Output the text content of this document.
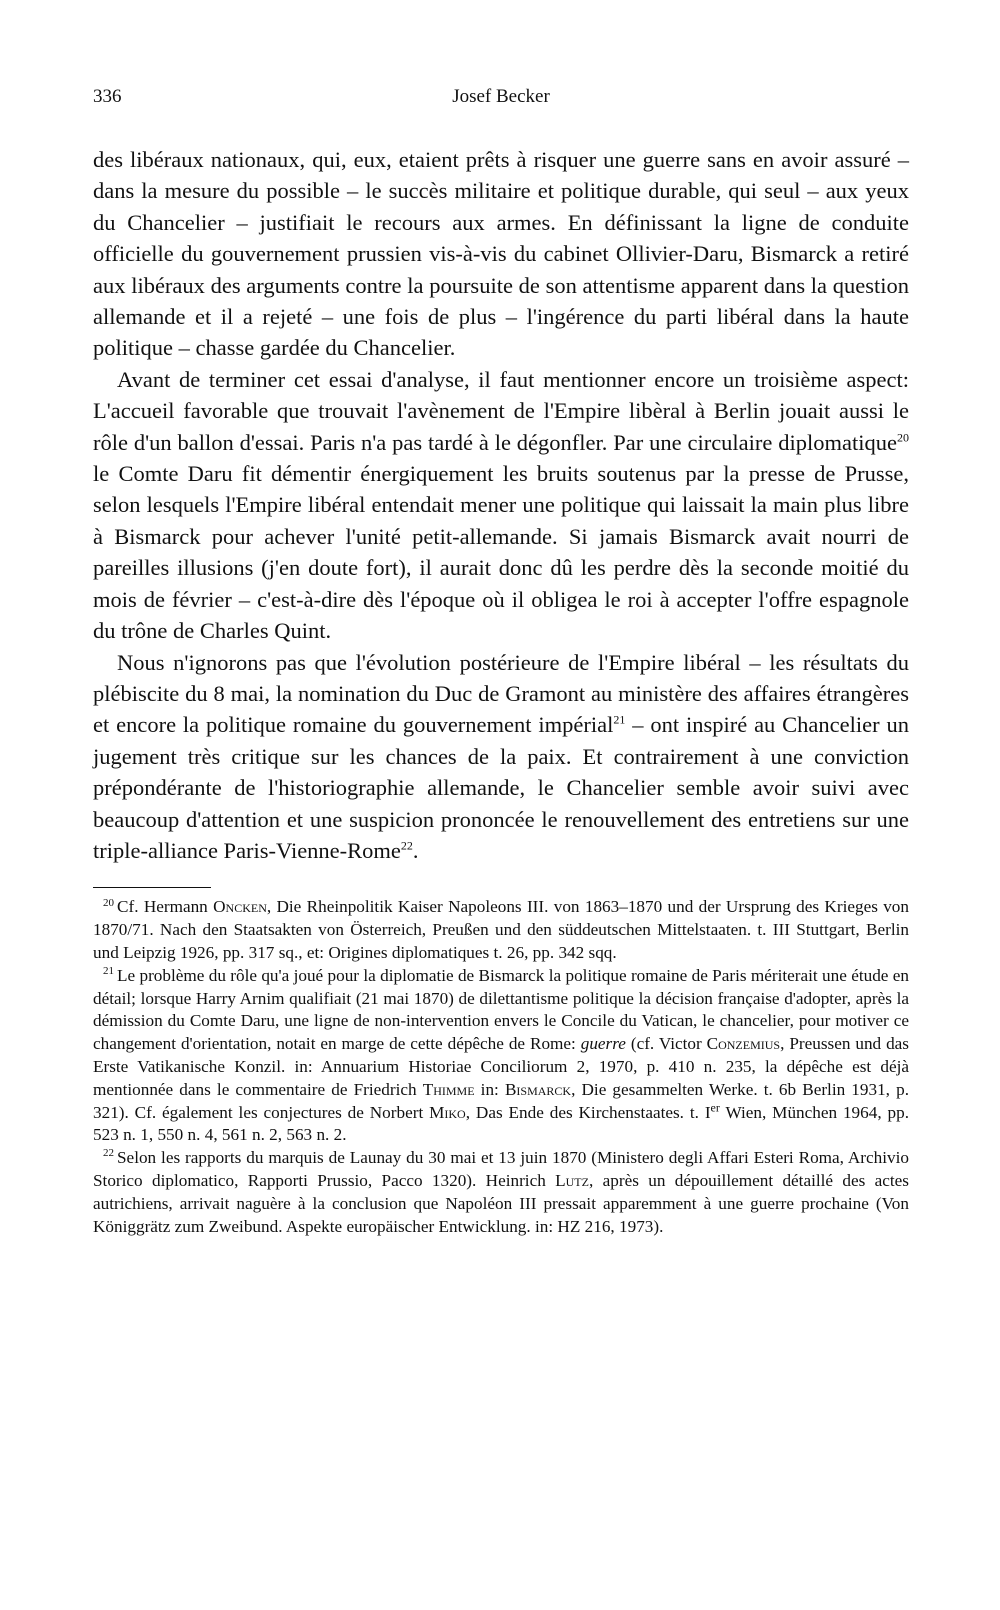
336	Josef Becker

des libéraux nationaux, qui, eux, etaient prêts à risquer une guerre sans en avoir assuré – dans la mesure du possible – le succès militaire et politique durable, qui seul – aux yeux du Chancelier – justifiait le recours aux armes. En définissant la ligne de conduite officielle du gouvernement prussien vis-à-vis du cabinet Ollivier-Daru, Bismarck a retiré aux libéraux des arguments contre la poursuite de son attentisme apparent dans la question allemande et il a rejeté – une fois de plus – l'ingérence du parti libéral dans la haute politique – chasse gardée du Chancelier.

Avant de terminer cet essai d'analyse, il faut mentionner encore un troisième aspect: L'accueil favorable que trouvait l'avènement de l'Empire libèral à Berlin jouait aussi le rôle d'un ballon d'essai. Paris n'a pas tardé à le dégonfler. Par une circulaire diplomatique$^{20}$ le Comte Daru fit démentir énergiquement les bruits soutenus par la presse de Prusse, selon lesquels l'Empire libéral entendait mener une politique qui laissait la main plus libre à Bismarck pour achever l'unité petit-allemande. Si jamais Bismarck avait nourri de pareilles illusions (j'en doute fort), il aurait donc dû les perdre dès la seconde moitié du mois de février – c'est-à-dire dès l'époque où il obligea le roi à accepter l'offre espagnole du trône de Charles Quint.

Nous n'ignorons pas que l'évolution postérieure de l'Empire libéral – les résultats du plébiscite du 8 mai, la nomination du Duc de Gramont au ministère des affaires étrangères et encore la politique romaine du gouvernement impérial$^{21}$ – ont inspiré au Chancelier un jugement très critique sur les chances de la paix. Et contrairement à une conviction prépondérante de l'historiographie allemande, le Chancelier semble avoir suivi avec beaucoup d'attention et une suspicion prononcée le renouvellement des entretiens sur une triple-alliance Paris-Vienne-Rome$^{22}$.

$^{20}$ Cf. Hermann Oncken, Die Rheinpolitik Kaiser Napoleons III. von 1863–1870 und der Ursprung des Krieges von 1870/71. Nach den Staatsakten von Österreich, Preußen und den süddeutschen Mittelstaaten. t. III Stuttgart, Berlin und Leipzig 1926, pp. 317 sq., et: Origines diplomatiques t. 26, pp. 342 sqq.

$^{21}$ Le problème du rôle qu'a joué pour la diplomatie de Bismarck la politique romaine de Paris mériterait une étude en détail; lorsque Harry Arnim qualifiait (21 mai 1870) de dilettantisme politique la décision française d'adopter, après la démission du Comte Daru, une ligne de non-intervention envers le Concile du Vatican, le chancelier, pour motiver ce changement d'orientation, notait en marge de cette dépêche de Rome: guerre (cf. Victor Conzemius, Preussen und das Erste Vatikanische Konzil. in: Annuarium Historiae Conciliorum 2, 1970, p. 410 n. 235, la dépêche est déjà mentionnée dans le commentaire de Friedrich Thimme in: Bismarck, Die gesammelten Werke. t. 6b Berlin 1931, p. 321). Cf. également les conjectures de Norbert Miko, Das Ende des Kirchenstaates. t. Ier Wien, München 1964, pp. 523 n. 1, 550 n. 4, 561 n. 2, 563 n. 2.

$^{22}$ Selon les rapports du marquis de Launay du 30 mai et 13 juin 1870 (Ministero degli Affari Esteri Roma, Archivio Storico diplomatico, Rapporti Prussio, Pacco 1320). Heinrich Lutz, après un dépouillement détaillé des actes autrichiens, arrivait naguère à la conclusion que Napoléon III pressait apparemment à une guerre prochaine (Von Königgrätz zum Zweibund. Aspekte europäischer Entwicklung. in: HZ 216, 1973).
